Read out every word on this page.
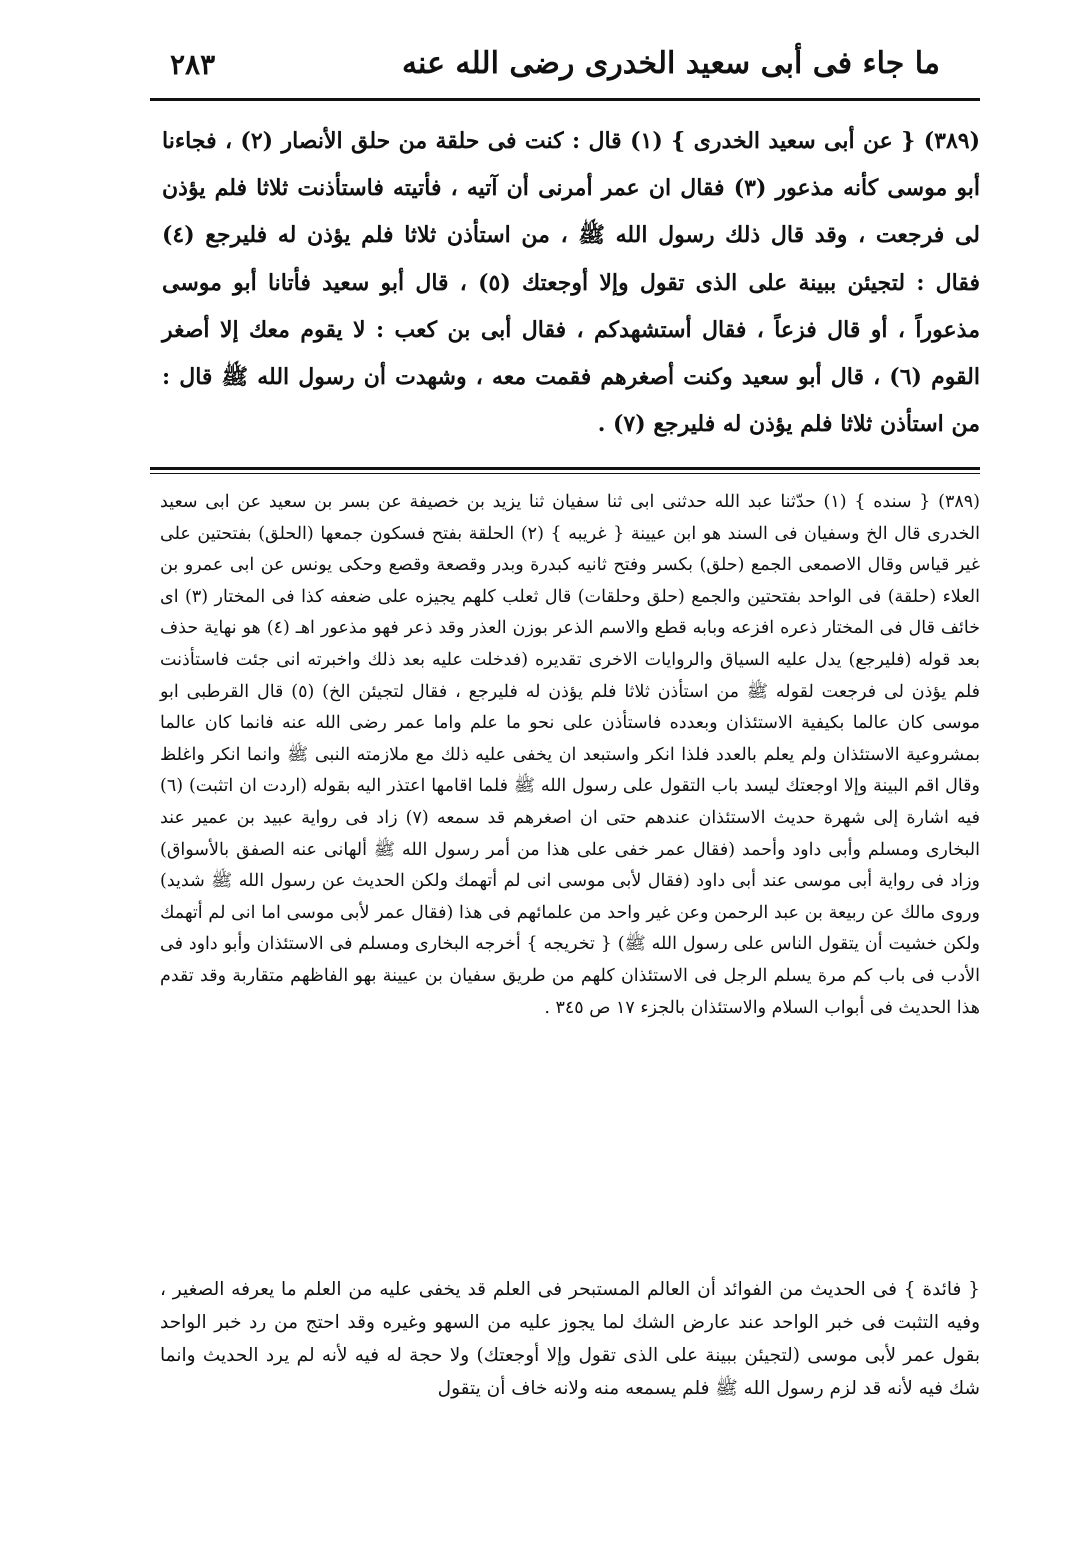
٢٨٣	ما جاء فى أبى سعيد الخدرى رضى الله عنه

(٣٨٩) { عن أبى سعيد الخدرى } (١) قال : كنت فى حلقة من حلق الأنصار (٢) ، فجاءنا أبو موسى كأنه مذعور (٣) فقال ان عمر أمرنى أن آتيه ، فأتيته فاستأذنت ثلاثا فلم يؤذن لى فرجعت ، وقد قال ذلك رسول الله ﷺ ، من استأذن ثلاثا فلم يؤذن له فليرجع (٤) فقال : لتجيئن ببينة على الذى تقول وإلا أوجعتك (٥) ، قال أبو سعيد فأتانا أبو موسى مذعوراً ، أو قال فزعاً ، فقال أستشهدكم ، فقال أبى بن كعب : لا يقوم معك إلا أصغر القوم (٦) ، قال أبو سعيد وكنت أصغرهم فقمت معه ، وشهدت أن رسول الله ﷺ قال : من استأذن ثلاثا فلم يؤذن له فليرجع (٧) .

(٣٨٩) { سنده } (١) حدّثنا عبد الله حدثنى ابى ثنا سفيان ثنا يزيد بن خصيفة عن بسر بن سعيد عن ابى سعيد الخدرى قال الخ وسفيان فى السند هو ابن عيينة { غريبه } (٢) الحلقة بفتح فسكون جمعها (الحلق) بفتحتين على غير قياس وقال الاصمعى الجمع (حلق) بكسر وفتح ثانيه كبدرة وبدر وقصعة وقصع وحكى يونس عن ابى عمرو بن العلاء (حلقة) فى الواحد بفتحتين والجمع (حلق وحلقات) قال ثعلب كلهم يجيزه على ضعفه كذا فى المختار (٣) اى خائف قال فى المختار ذعره افزعه وبابه قطع والاسم الذعر بوزن العذر وقد ذعر فهو مذعور اهـ (٤) هو نهاية حذف بعد قوله (فليرجع) يدل عليه السياق والروايات الاخرى تقديره (فدخلت عليه بعد ذلك واخبرته انى جئت فاستأذنت فلم يؤذن لى فرجعت لقوله ﷺ من استأذن ثلاثا فلم يؤذن له فليرجع ، فقال لتجيئن الخ) (٥) قال القرطبى ابو موسى كان عالما بكيفية الاستئذان وبعدده فاستأذن على نحو ما علم واما عمر رضى الله عنه فانما كان عالما بمشروعية الاستئذان ولم يعلم بالعدد فلذا انكر واستبعد ان يخفى عليه ذلك مع ملازمته النبى ﷺ وانما انكر واغلظ وقال اقم البينة وإلا اوجعتك ليسد باب التقول على رسول الله ﷺ فلما اقامها اعتذر اليه بقوله (اردت ان اتثبت) (٦) فيه اشارة إلى شهرة حديث الاستئذان عندهم حتى ان اصغرهم قد سمعه (٧) زاد فى رواية عبيد بن عمير عند البخارى ومسلم وأبى داود وأحمد (فقال عمر خفى على هذا من أمر رسول الله ﷺ ألهانى عنه الصفق بالأسواق) وزاد فى رواية أبى موسى عند أبى داود (فقال لأبى موسى انى لم أتهمك ولكن الحديث عن رسول الله ﷺ شديد) وروى مالك عن ربيعة بن عبد الرحمن وعن غير واحد من علمائهم فى هذا (فقال عمر لأبى موسى اما انى لم أتهمك ولكن خشيت أن يتقول الناس على رسول الله ﷺ) { تخريجه } أخرجه البخارى ومسلم فى الاستئذان وأبو داود فى الأدب فى باب كم مرة يسلم الرجل فى الاستئذان كلهم من طريق سفيان بن عيينة بهو الفاظهم متقاربة وقد تقدم هذا الحديث فى أبواب السلام والاستئذان بالجزء ١٧ ص ٣٤٥ .

{ فائدة } فى الحديث من الفوائد أن العالم المستبحر فى العلم قد يخفى عليه من العلم ما يعرفه الصغير ، وفيه التثبت فى خبر الواحد عند عارض الشك لما يجوز عليه من السهو وغيره وقد احتج من رد خبر الواحد بقول عمر لأبى موسى (لتجيئن ببينة على الذى تقول وإلا أوجعتك) ولا حجة له فيه لأنه لم يرد الحديث وانما شك فيه لأنه قد لزم رسول الله ﷺ فلم يسمعه منه ولانه خاف أن يتقول
